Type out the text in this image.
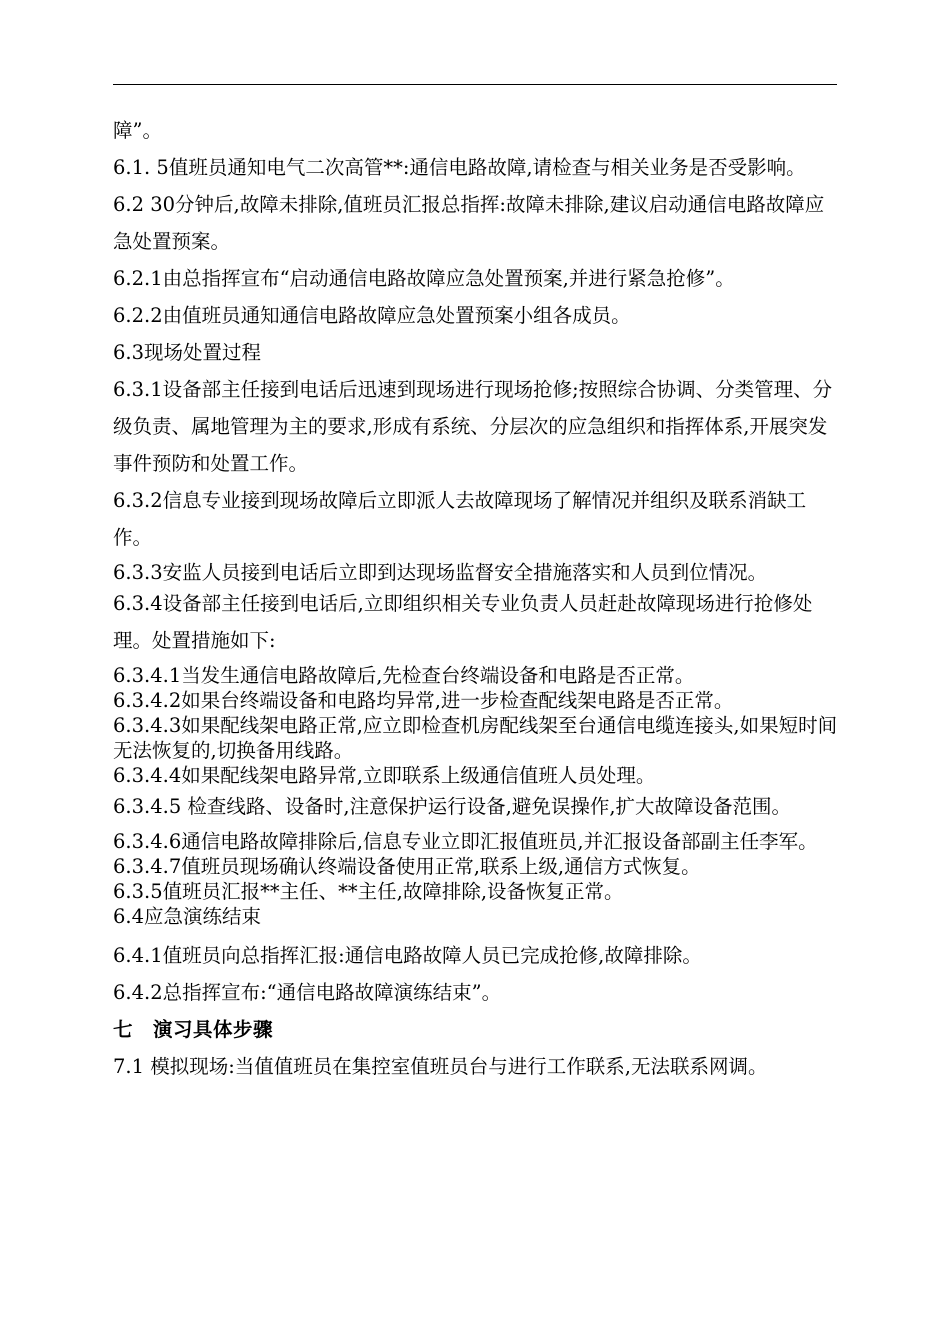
障”。

6.1. 5值班员通知电气二次高管**:通信电路故障,请检查与相关业务是否受影响。

6.2 30分钟后,故障未排除,值班员汇报总指挥:故障未排除,建议启动通信电路故障应急处置预案。

6.2.1由总指挥宣布“启动通信电路故障应急处置预案,并进行紧急抢修”。

6.2.2由值班员通知通信电路故障应急处置预案小组各成员。

6.3现场处置过程

6.3.1设备部主任接到电话后迅速到现场进行现场抢修;按照综合协调、分类管理、分级负责、属地管理为主的要求,形成有系统、分层次的应急组织和指挥体系,开展突发事件预防和处置工作。

6.3.2信息专业接到现场故障后立即派人去故障现场了解情况并组织及联系消缺工作。

6.3.3安监人员接到电话后立即到达现场监督安全措施落实和人员到位情况。

6.3.4设备部主任接到电话后,立即组织相关专业负责人员赶赴故障现场进行抢修处理。处置措施如下:

6.3.4.1当发生通信电路故障后,先检查台终端设备和电路是否正常。

6.3.4.2如果台终端设备和电路均异常,进一步检查配线架电路是否正常。

6.3.4.3如果配线架电路正常,应立即检查机房配线架至台通信电缆连接头,如果短时间无法恢复的,切换备用线路。

6.3.4.4如果配线架电路异常,立即联系上级通信值班人员处理。

6.3.4.5 检查线路、设备时,注意保护运行设备,避免误操作,扩大故障设备范围。

6.3.4.6通信电路故障排除后,信息专业立即汇报值班员,并汇报设备部副主任李军。

6.3.4.7值班员现场确认终端设备使用正常,联系上级,通信方式恢复。

6.3.5值班员汇报**主任、**主任,故障排除,设备恢复正常。

6.4应急演练结束

6.4.1值班员向总指挥汇报:通信电路故障人员已完成抢修,故障排除。

6.4.2总指挥宣布:“通信电路故障演练结束”。

七　演习具体步骤

7.1 模拟现场:当值值班员在集控室值班员台与进行工作联系,无法联系网调。
